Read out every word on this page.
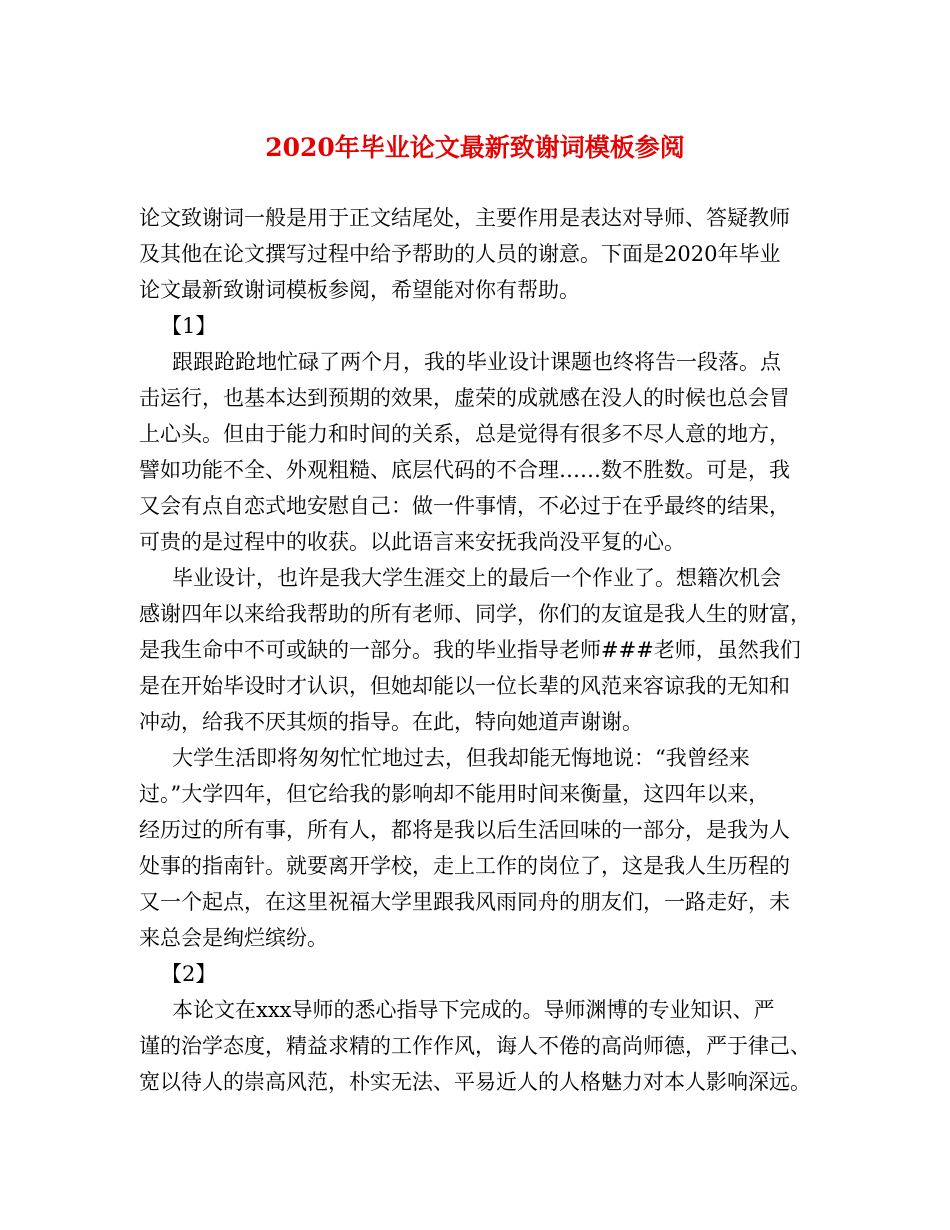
2020年毕业论文最新致谢词模板参阅
论文致谢词一般是用于正文结尾处，主要作用是表达对导师、答疑教师
及其他在论文撰写过程中给予帮助的人员的谢意。下面是2020年毕业
论文最新致谢词模板参阅，希望能对你有帮助。
【1】
跟跟跄跄地忙碌了两个月，我的毕业设计课题也终将告一段落。点
击运行，也基本达到预期的效果，虚荣的成就感在没人的时候也总会冒
上心头。但由于能力和时间的关系，总是觉得有很多不尽人意的地方，
譬如功能不全、外观粗糙、底层代码的不合理……数不胜数。可是，我
又会有点自恋式地安慰自己：做一件事情，不必过于在乎最终的结果，
可贵的是过程中的收获。以此语言来安抚我尚没平复的心。
毕业设计，也许是我大学生涯交上的最后一个作业了。想籍次机会
感谢四年以来给我帮助的所有老师、同学，你们的友谊是我人生的财富，
是我生命中不可或缺的一部分。我的毕业指导老师###老师，虽然我们
是在开始毕设时才认识，但她却能以一位长辈的风范来容谅我的无知和
冲动，给我不厌其烦的指导。在此，特向她道声谢谢。
大学生活即将匆匆忙忙地过去，但我却能无悔地说：“我曾经来
过。”大学四年，但它给我的影响却不能用时间来衡量，这四年以来，
经历过的所有事，所有人，都将是我以后生活回味的一部分，是我为人
处事的指南针。就要离开学校，走上工作的岗位了，这是我人生历程的
又一个起点，在这里祝福大学里跟我风雨同舟的朋友们，一路走好，未
来总会是绚烂缤纷。
【2】
本论文在xxx导师的悉心指导下完成的。导师渊博的专业知识、严
谨的治学态度，精益求精的工作作风，诲人不倦的高尚师德，严于律己、
宽以待人的崇高风范，朴实无法、平易近人的人格魅力对本人影响深远。
